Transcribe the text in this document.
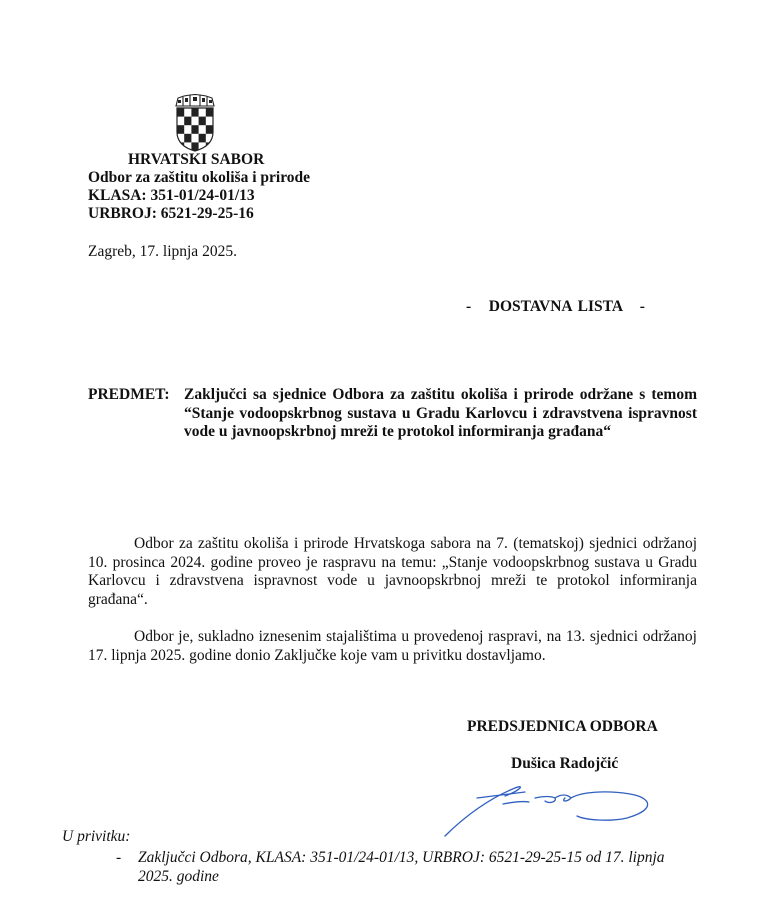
HRVATSKI SABOR
Odbor za zaštitu okoliša i prirode
KLASA: 351-01/24-01/13
URBROJ: 6521-29-25-16
Zagreb, 17. lipnja 2025.
-   DOSTAVNA LISTA   -
PREDMET: Zaključci sa sjednice Odbora za zaštitu okoliša i prirode održane s temom “Stanje vodoopskrbnog sustava u Gradu Karlovcu i zdravstvena ispravnost vode u javnoopskrbnoj mreži te protokol informiranja građana“
Odbor za zaštitu okoliša i prirode Hrvatskoga sabora na 7. (tematskoj) sjednici održanoj 10. prosinca 2024. godine proveo je raspravu na temu: „Stanje vodoopskrbnog sustava u Gradu Karlovcu i zdravstvena ispravnost vode u javnoopskrbnoj mreži te protokol informiranja građana“.
Odbor je, sukladno iznesenim stajalištima u provedenoj raspravi, na 13. sjednici održanoj 17. lipnja 2025. godine donio Zaključke koje vam u privitku dostavljamo.
PREDSJEDNICA ODBORA
Dušica Radojčić
U privitku:
-	Zaključci Odbora, KLASA: 351-01/24-01/13, URBROJ: 6521-29-25-15 od 17. lipnja 2025. godine
